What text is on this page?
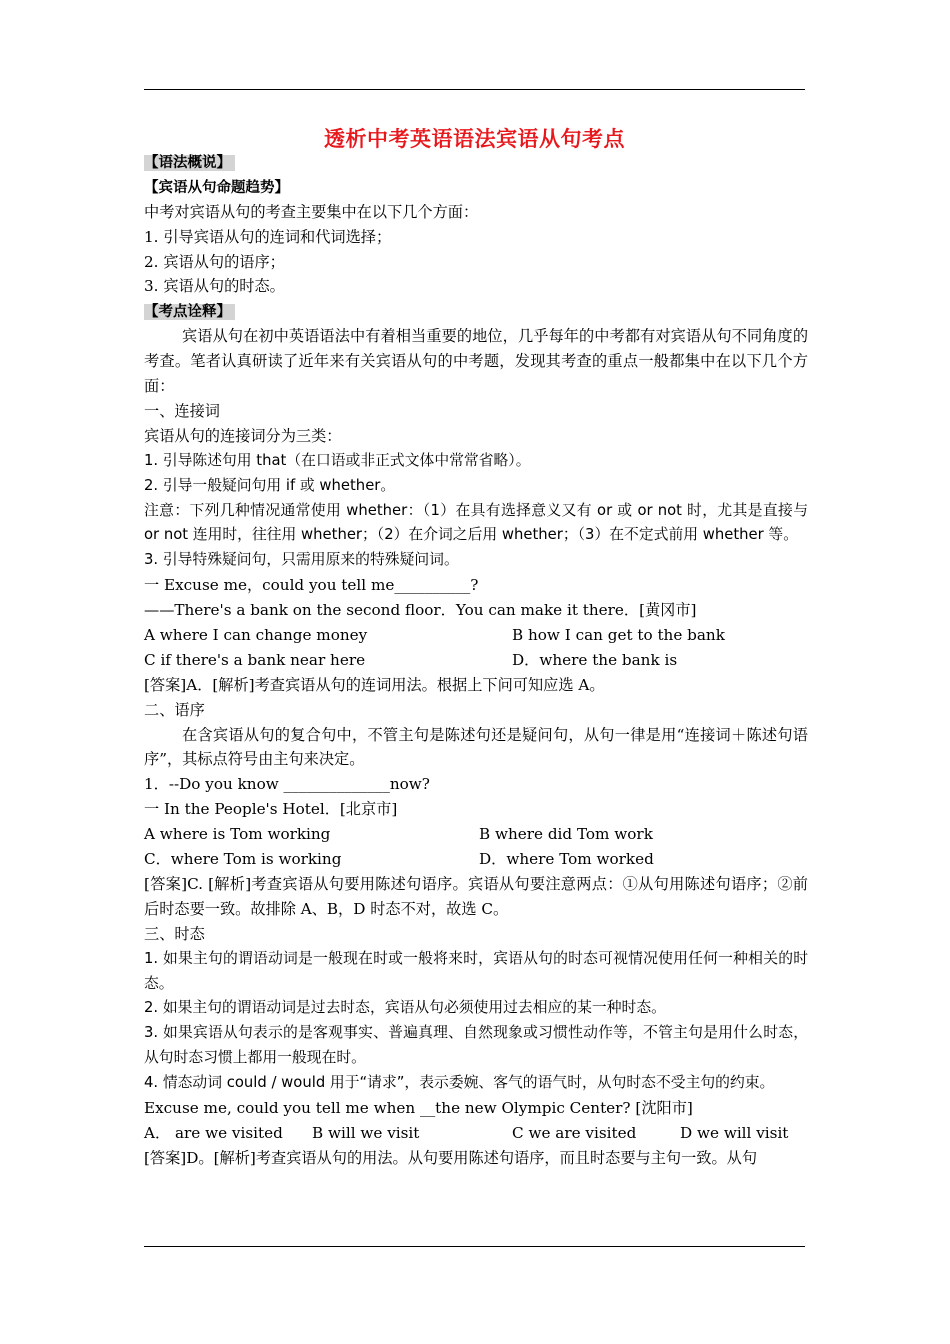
透析中考英语语法宾语从句考点
【语法概说】
【宾语从句命题趋势】
中考对宾语从句的考查主要集中在以下几个方面：
1. 引导宾语从句的连词和代词选择；
2. 宾语从句的语序；
3. 宾语从句的时态。
【考点诠释】
宾语从句在初中英语语法中有着相当重要的地位，几乎每年的中考都有对宾语从句不同角度的考查。笔者认真研读了近年来有关宾语从句的中考题，发现其考查的重点一般都集中在以下几个方面：
一、连接词
宾语从句的连接词分为三类：
1. 引导陈述句用 that（在口语或非正式文体中常常省略）。
2. 引导一般疑问句用 if 或 whether。
注意：下列几种情况通常使用 whether：（1）在具有选择意义又有 or 或 or not 时，尤其是直接与 or not 连用时，往往用 whether；（2）在介词之后用 whether；（3）在不定式前用 whether 等。
3. 引导特殊疑问句，只需用原来的特殊疑问词。
一 Excuse me，could you tell me__________?
——There's a bank on the second floor．You can make it there．[黄冈市]
A where I can change money	B how I can get to the bank
C if there's a bank near here	D．where the bank is
[答案]A．[解析]考查宾语从句的连词用法。根据上下问可知应选 A。
二、语序
在含宾语从句的复合句中，不管主句是陈述句还是疑问句，从句一律是用“连接词＋陈述句语序”，其标点符号由主句来决定。
1．--Do you know ______________now?
一 In the People's Hotel．[北京市]
A where is Tom working	B where did Tom work
C．where Tom is working	D．where Tom worked
[答案]C. [解析]考查宾语从句要用陈述句语序。宾语从句要注意两点：①从句用陈述句语序；②前后时态要一致。故排除 A、B，D 时态不对，故选 C。
三、时态
1. 如果主句的谓语动词是一般现在时或一般将来时，宾语从句的时态可视情况使用任何一种相关的时态。
2. 如果主句的谓语动词是过去时态，宾语从句必须使用过去相应的某一种时态。
3. 如果宾语从句表示的是客观事实、普遍真理、自然现象或习惯性动作等，不管主句是用什么时态，从句时态习惯上都用一般现在时。
4. 情态动词 could / would 用于“请求”，表示委婉、客气的语气时，从句时态不受主句的约束。
Excuse me, could you tell me when __the new Olympic Center? [沈阳市]
A． are we visited B will we visit	C we are visited	D we will visit
[答案]D。[解析]考查宾语从句的用法。从句要用陈述句语序，而且时态要与主句一致。从句
